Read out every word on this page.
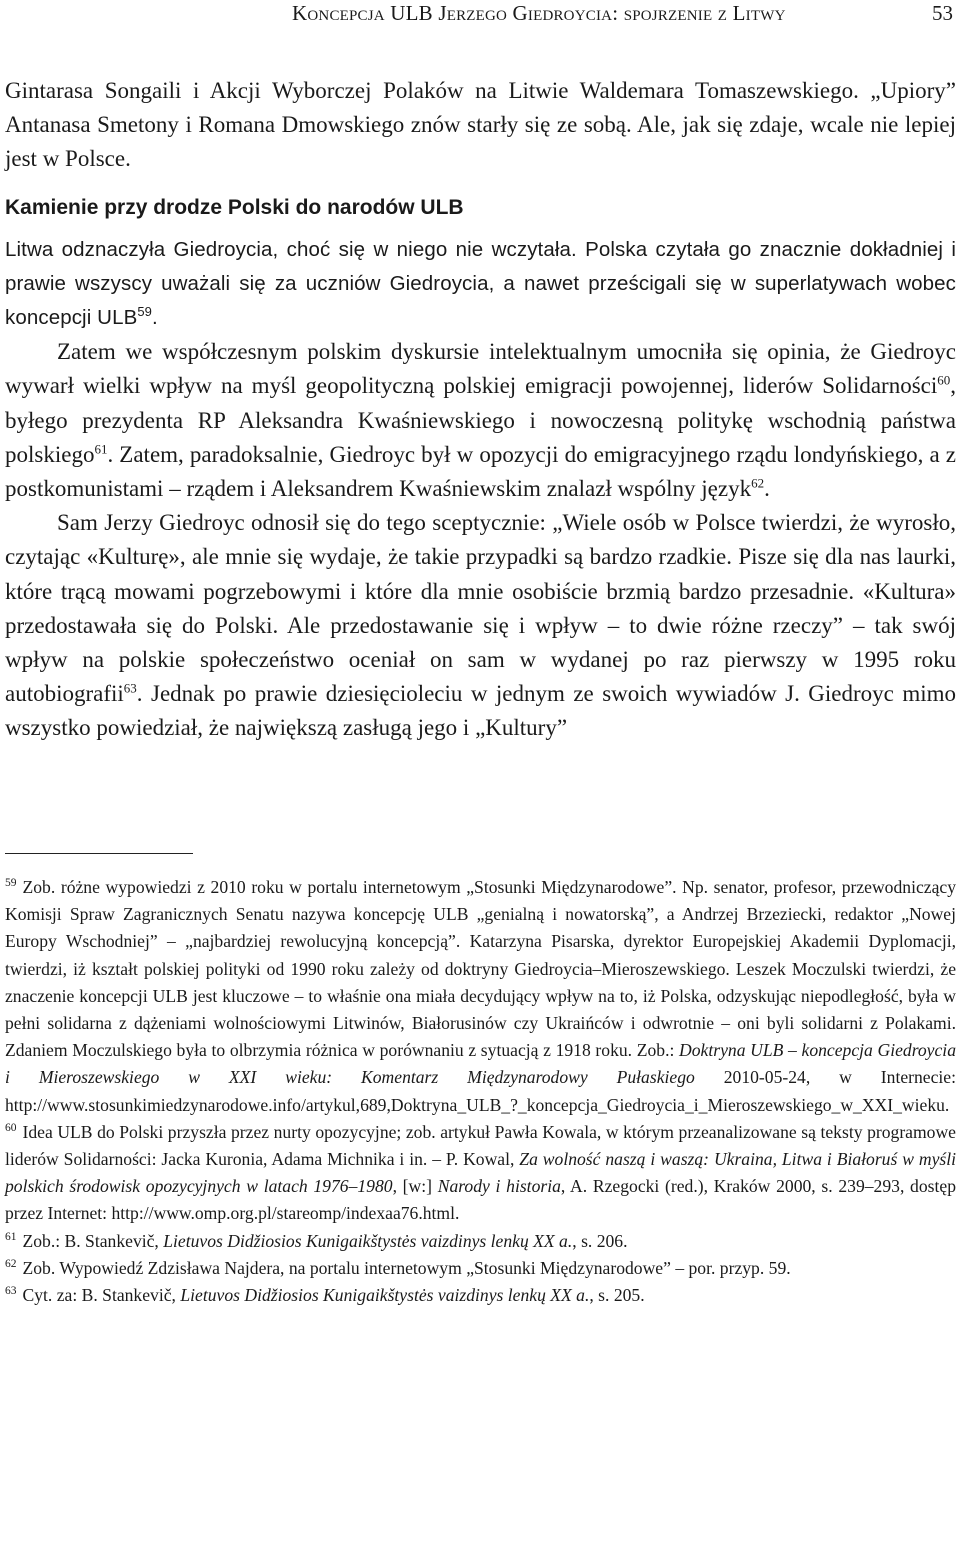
Koncepcja ULB Jerzego Giedroycia: spojrzenie z Litwy	53

Gintarasa Songaili i Akcji Wyborczej Polaków na Litwie Waldemara Tomaszewskiego. „Upiory” Antanasa Smetony i Romana Dmowskiego znów starły się ze sobą. Ale, jak się zdaje, wcale nie lepiej jest w Polsce.

Kamienie przy drodze Polski do narodów ULB

Litwa odznaczyła Giedroycia, choć się w niego nie wczytała. Polska czytała go znacznie dokładniej i prawie wszyscy uważali się za uczniów Giedroycia, a nawet prześcigali się w superlatywach wobec koncepcji ULB$^{59}$.

Zatem we współczesnym polskim dyskursie intelektualnym umocniła się opinia, że Giedroyc wywarł wielki wpływ na myśl geopolityczną polskiej emigracji powojennej, liderów Solidarności$^{60}$, byłego prezydenta RP Aleksandra Kwaśniewskiego i nowoczesną politykę wschodnią państwa polskiego$^{61}$. Zatem, paradoksalnie, Giedroyc był w opozycji do emigracyjnego rządu londyńskiego, a z postkomunistami – rządem i Aleksandrem Kwaśniewskim znalazł wspólny język$^{62}$.

Sam Jerzy Giedroyc odnosił się do tego sceptycznie: „Wiele osób w Polsce twierdzi, że wyrosło, czytając «Kulturę», ale mnie się wydaje, że takie przypadki są bardzo rzadkie. Pisze się dla nas laurki, które trącą mowami pogrzebowymi i które dla mnie osobiście brzmią bardzo przesadnie. «Kultura» przedostawała się do Polski. Ale przedostawanie się i wpływ – to dwie różne rzeczy” – tak swój wpływ na polskie społeczeństwo oceniał on sam w wydanej po raz pierwszy w 1995 roku autobiografii$^{63}$. Jednak po prawie dziesięcioleciu w jednym ze swoich wywiadów J. Giedroyc mimo wszystko powiedział, że największą zasługą jego i „Kultury”

$^{59}$ Zob. różne wypowiedzi z 2010 roku w portalu internetowym „Stosunki Międzynarodowe”. Np. senator, profesor, przewodniczący Komisji Spraw Zagranicznych Senatu nazywa koncepcję ULB „genialną i nowatorską”, a Andrzej Brzeziecki, redaktor „Nowej Europy Wschodniej” – „najbardziej rewolucyjną koncepcją”. Katarzyna Pisarska, dyrektor Europejskiej Akademii Dyplomacji, twierdzi, iż kształt polskiej polityki od 1990 roku zależy od doktryny Giedroycia–Mieroszewskiego. Leszek Moczulski twierdzi, że znaczenie koncepcji ULB jest kluczowe – to właśnie ona miała decydujący wpływ na to, iż Polska, odzyskując niepodległość, była w pełni solidarna z dążeniami wolnościowymi Litwinów, Białorusinów czy Ukraińców i odwrotnie – oni byli solidarni z Polakami. Zdaniem Moczulskiego była to olbrzymia różnica w porównaniu z sytuacją z 1918 roku. Zob.: Doktryna ULB – koncepcja Giedroycia i Mieroszewskiego w XXI wieku: Komentarz Międzynarodowy Pułaskiego 2010-05-24, w Internecie: http://www.stosunkimiedzynarodowe.info/artykul,689,Doktryna_ULB_?_koncepcja_Giedroycia_i_Mieroszewskiego_w_XXI_wieku.

$^{60}$ Idea ULB do Polski przyszła przez nurty opozycyjne; zob. artykuł Pawła Kowala, w którym przeanalizowane są teksty programowe liderów Solidarności: Jacka Kuronia, Adama Michnika i in. – P. Kowal, Za wolność naszą i waszą: Ukraina, Litwa i Białoruś w myśli polskich środowisk opozycyjnych w latach 1976–1980, [w:] Narody i historia, A. Rzegocki (red.), Kraków 2000, s. 239–293, dostęp przez Internet: http://www.omp.org.pl/stareomp/indexaa76.html.

$^{61}$ Zob.: B. Stankevič, Lietuvos Didžiosios Kunigaikštystės vaizdinys lenkų XX a., s. 206.

$^{62}$ Zob. Wypowiedź Zdzisława Najdera, na portalu internetowym „Stosunki Międzynarodowe” – por. przyp. 59.

$^{63}$ Cyt. za: B. Stankevič, Lietuvos Didžiosios Kunigaikštystės vaizdinys lenkų XX a., s. 205.
